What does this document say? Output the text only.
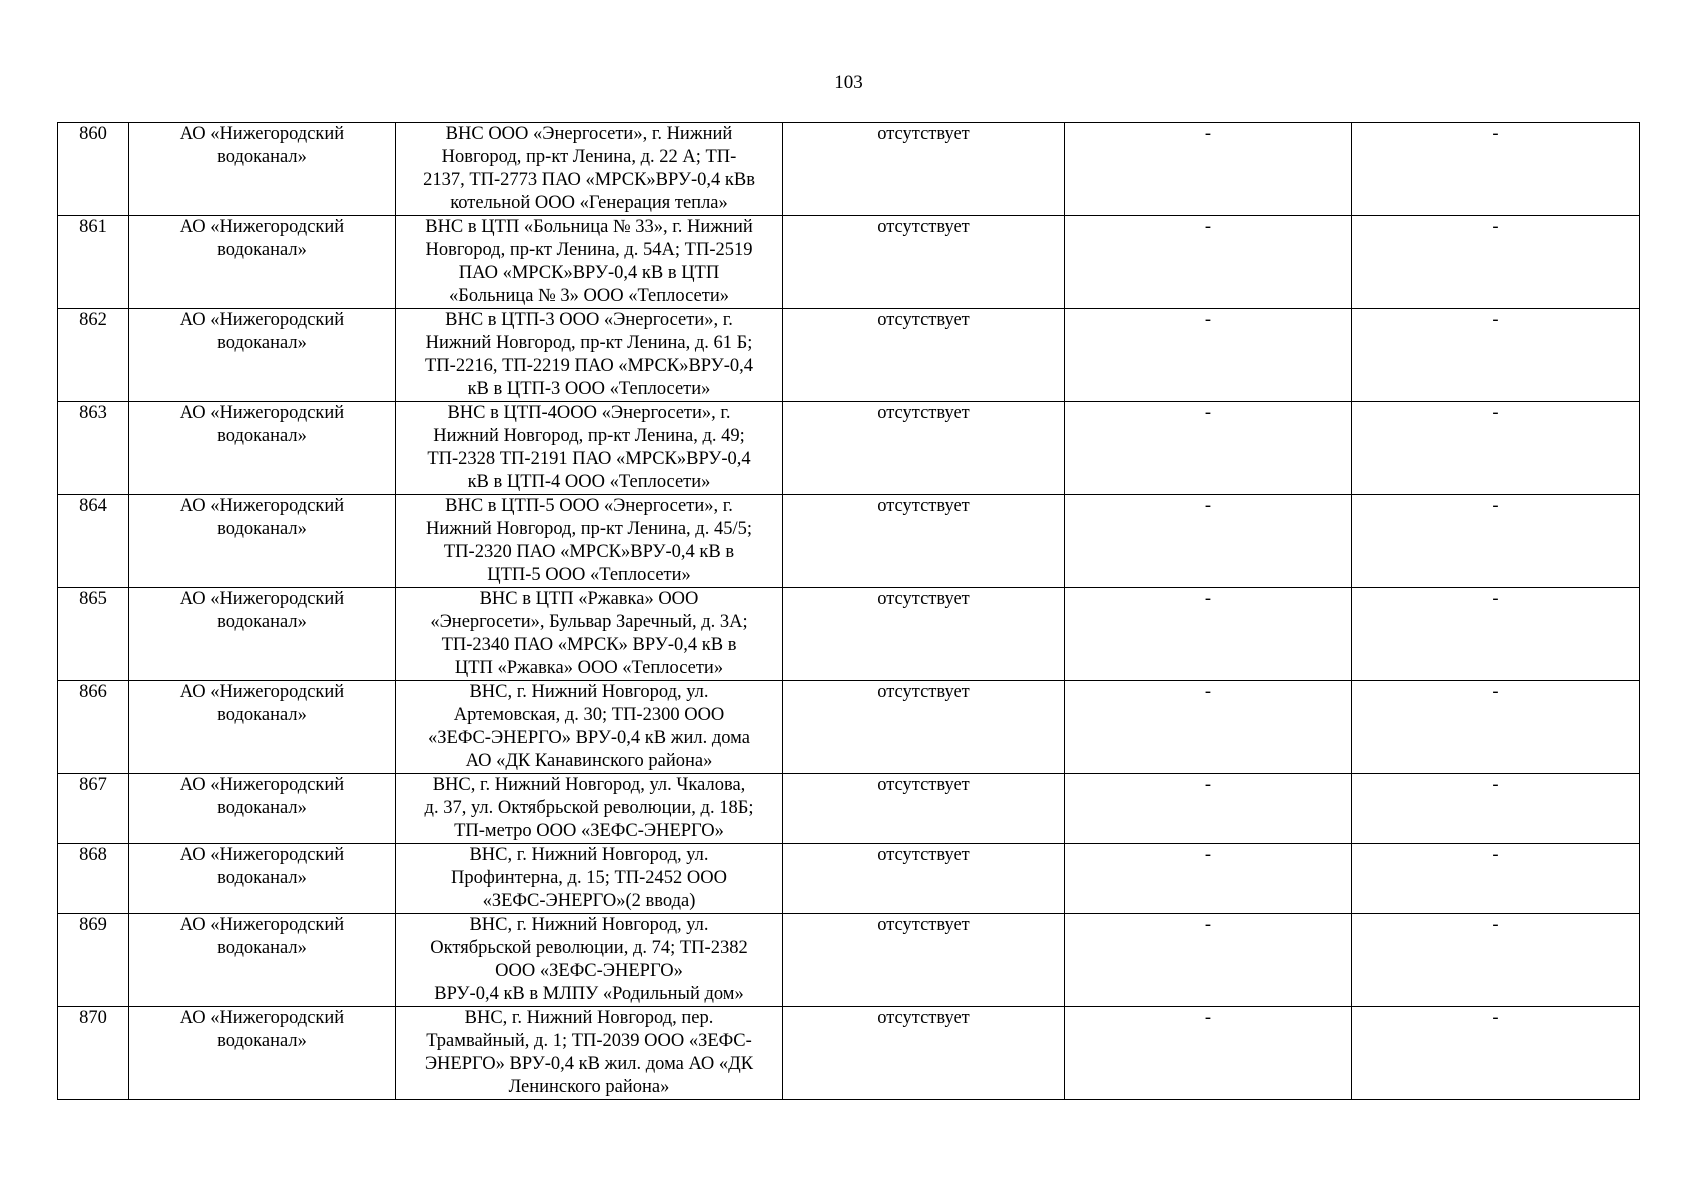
103
860	АО «Нижегородский
водоканал»	ВНС ООО «Энергосети», г. Нижний
Новгород, пр-кт Ленина, д. 22 А; ТП-
2137, ТП-2773 ПАО «МРСК»ВРУ-0,4 кВв
котельной ООО «Генерация тепла»	отсутствует	-	-
861	АО «Нижегородский
водоканал»	ВНС в ЦТП «Больница № 33», г. Нижний
Новгород, пр-кт Ленина, д. 54А; ТП-2519
ПАО «МРСК»ВРУ-0,4 кВ в ЦТП
«Больница № 3» ООО «Теплосети»	отсутствует	-	-
862	АО «Нижегородский
водоканал»	ВНС в ЦТП-3 ООО «Энергосети», г.
Нижний Новгород, пр-кт Ленина, д. 61 Б;
ТП-2216, ТП-2219 ПАО «МРСК»ВРУ-0,4
кВ в ЦТП-3 ООО «Теплосети»	отсутствует	-	-
863	АО «Нижегородский
водоканал»	ВНС в ЦТП-4ООО «Энергосети», г.
Нижний Новгород, пр-кт Ленина, д. 49;
ТП-2328 ТП-2191 ПАО «МРСК»ВРУ-0,4
кВ в ЦТП-4 ООО «Теплосети»	отсутствует	-	-
864	АО «Нижегородский
водоканал»	ВНС в ЦТП-5 ООО «Энергосети», г.
Нижний Новгород, пр-кт Ленина, д. 45/5;
ТП-2320 ПАО «МРСК»ВРУ-0,4 кВ в
ЦТП-5 ООО «Теплосети»	отсутствует	-	-
865	АО «Нижегородский
водоканал»	ВНС в ЦТП «Ржавка» ООО
«Энергосети», Бульвар Заречный, д. 3А;
ТП-2340 ПАО «МРСК» ВРУ-0,4 кВ в
ЦТП «Ржавка» ООО «Теплосети»	отсутствует	-	-
866	АО «Нижегородский
водоканал»	ВНС, г. Нижний Новгород, ул.
Артемовская, д. 30; ТП-2300 ООО
«ЗЕФС-ЭНЕРГО» ВРУ-0,4 кВ жил. дома
АО «ДК Канавинского района»	отсутствует	-	-
867	АО «Нижегородский
водоканал»	ВНС, г. Нижний Новгород, ул. Чкалова,
д. 37, ул. Октябрьской революции, д. 18Б;
ТП-метро ООО «ЗЕФС-ЭНЕРГО»	отсутствует	-	-
868	АО «Нижегородский
водоканал»	ВНС, г. Нижний Новгород, ул.
Профинтерна, д. 15; ТП-2452 ООО
«ЗЕФС-ЭНЕРГО»(2 ввода)	отсутствует	-	-
869	АО «Нижегородский
водоканал»	ВНС, г. Нижний Новгород, ул.
Октябрьской революции, д. 74; ТП-2382
ООО «ЗЕФС-ЭНЕРГО»
ВРУ-0,4 кВ в МЛПУ «Родильный дом»	отсутствует	-	-
870	АО «Нижегородский
водоканал»	ВНС, г. Нижний Новгород, пер.
Трамвайный, д. 1; ТП-2039 ООО «ЗЕФС-
ЭНЕРГО» ВРУ-0,4 кВ жил. дома АО «ДК
Ленинского района»	отсутствует	-	-
